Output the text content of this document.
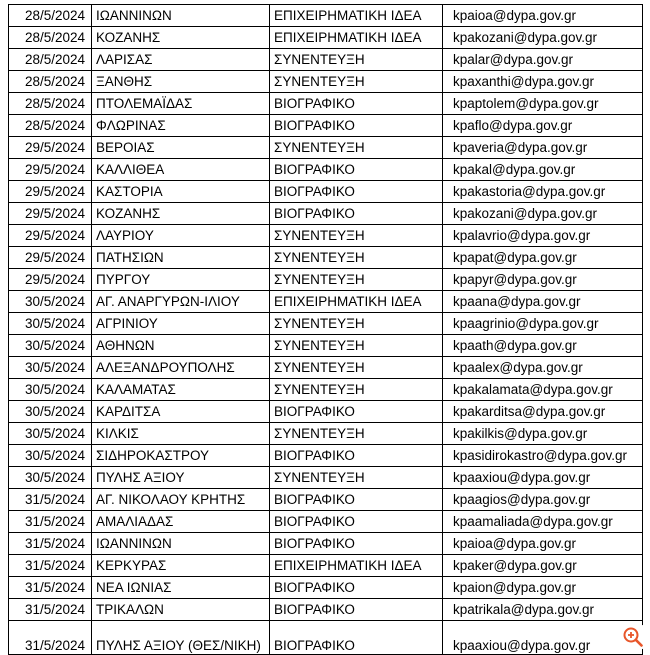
28/5/2024	ΙΩΑΝΝΙΝΩΝ	ΕΠΙΧΕΙΡΗΜΑΤΙΚΗ ΙΔΕΑ	kpaioa@dypa.gov.gr
28/5/2024	ΚΟΖΑΝΗΣ	ΕΠΙΧΕΙΡΗΜΑΤΙΚΗ ΙΔΕΑ	kpakozani@dypa.gov.gr
28/5/2024	ΛΑΡΙΣΑΣ	ΣΥΝΕΝΤΕΥΞΗ	kpalar@dypa.gov.gr
28/5/2024	ΞΑΝΘΗΣ	ΣΥΝΕΝΤΕΥΞΗ	kpaxanthi@dypa.gov.gr
28/5/2024	ΠΤΟΛΕΜΑΪΔΑΣ	ΒΙΟΓΡΑΦΙΚΟ	kpaptolem@dypa.gov.gr
28/5/2024	ΦΛΩΡΙΝΑΣ	ΒΙΟΓΡΑΦΙΚΟ	kpaflo@dypa.gov.gr
29/5/2024	ΒΕΡΟΙΑΣ	ΣΥΝΕΝΤΕΥΞΗ	kpaveria@dypa.gov.gr
29/5/2024	ΚΑΛΛΙΘΕΑ	ΒΙΟΓΡΑΦΙΚΟ	kpakal@dypa.gov.gr
29/5/2024	ΚΑΣΤΟΡΙΑ	ΒΙΟΓΡΑΦΙΚΟ	kpakastoria@dypa.gov.gr
29/5/2024	ΚΟΖΑΝΗΣ	ΒΙΟΓΡΑΦΙΚΟ	kpakozani@dypa.gov.gr
29/5/2024	ΛΑΥΡΙΟΥ	ΣΥΝΕΝΤΕΥΞΗ	kpalavrio@dypa.gov.gr
29/5/2024	ΠΑΤΗΣΙΩΝ	ΣΥΝΕΝΤΕΥΞΗ	kpapat@dypa.gov.gr
29/5/2024	ΠΥΡΓΟΥ	ΣΥΝΕΝΤΕΥΞΗ	kpapyr@dypa.gov.gr
30/5/2024	ΑΓ. ΑΝΑΡΓΥΡΩΝ-ΙΛΙΟΥ	ΕΠΙΧΕΙΡΗΜΑΤΙΚΗ ΙΔΕΑ	kpaana@dypa.gov.gr
30/5/2024	ΑΓΡΙΝΙΟΥ	ΣΥΝΕΝΤΕΥΞΗ	kpaagrinio@dypa.gov.gr
30/5/2024	ΑΘΗΝΩΝ	ΣΥΝΕΝΤΕΥΞΗ	kpaath@dypa.gov.gr
30/5/2024	ΑΛΕΞΑΝΔΡΟΥΠΟΛΗΣ	ΣΥΝΕΝΤΕΥΞΗ	kpaalex@dypa.gov.gr
30/5/2024	ΚΑΛΑΜΑΤΑΣ	ΣΥΝΕΝΤΕΥΞΗ	kpakalamata@dypa.gov.gr
30/5/2024	ΚΑΡΔΙΤΣΑ	ΒΙΟΓΡΑΦΙΚΟ	kpakarditsa@dypa.gov.gr
30/5/2024	ΚΙΛΚΙΣ	ΣΥΝΕΝΤΕΥΞΗ	kpakilkis@dypa.gov.gr
30/5/2024	ΣΙΔΗΡΟΚΑΣΤΡΟΥ	ΒΙΟΓΡΑΦΙΚΟ	kpasidirokastro@dypa.gov.gr
30/5/2024	ΠΥΛΗΣ ΑΞΙΟΥ	ΣΥΝΕΝΤΕΥΞΗ	kpaaxiou@dypa.gov.gr
31/5/2024	ΑΓ. ΝΙΚΟΛΑΟΥ ΚΡΗΤΗΣ	ΒΙΟΓΡΑΦΙΚΟ	kpaagios@dypa.gov.gr
31/5/2024	ΑΜΑΛΙΑΔΑΣ	ΒΙΟΓΡΑΦΙΚΟ	kpaamaliada@dypa.gov.gr
31/5/2024	ΙΩΑΝΝΙΝΩΝ	ΒΙΟΓΡΑΦΙΚΟ	kpaioa@dypa.gov.gr
31/5/2024	ΚΕΡΚΥΡΑΣ	ΕΠΙΧΕΙΡΗΜΑΤΙΚΗ ΙΔΕΑ	kpaker@dypa.gov.gr
31/5/2024	ΝΕΑ ΙΩΝΙΑΣ	ΒΙΟΓΡΑΦΙΚΟ	kpaion@dypa.gov.gr
31/5/2024	ΤΡΙΚΑΛΩΝ	ΒΙΟΓΡΑΦΙΚΟ	kpatrikala@dypa.gov.gr
31/5/2024	ΠΥΛΗΣ ΑΞΙΟΥ (ΘΕΣ/ΝΙΚΗ)	ΒΙΟΓΡΑΦΙΚΟ	kpaaxiou@dypa.gov.gr
